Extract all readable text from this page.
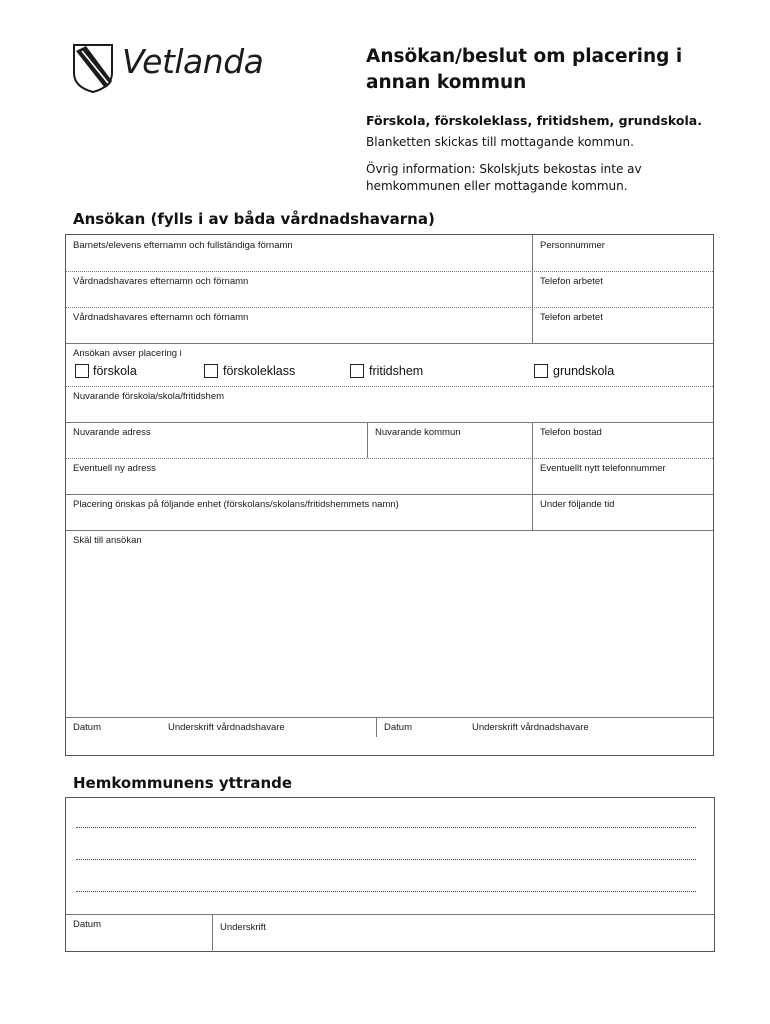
Vetlanda	Ansökan/beslut om placering i annan kommun
Förskola, förskoleklass, fritidshem, grundskola.
Blanketten skickas till mottagande kommun.
Övrig information: Skolskjuts bekostas inte av hemkommunen eller mottagande kommun.
Ansökan (fylls i av båda vårdnadshavarna)
Barnets/elevens efternamn och fullständiga förnamn	Personnummer
Vårdnadshavares efternamn och förnamn	Telefon arbetet
Vårdnadshavares efternamn och förnamn	Telefon arbetet
Ansökan avser placering i
förskola	förskoleklass	fritidshem	grundskola
Nuvarande förskola/skola/fritidshem
Nuvarande adress	Nuvarande kommun	Telefon bostad
Eventuell ny adress	Eventuellt nytt telefonnummer
Placering önskas på följande enhet (förskolans/skolans/fritidshemmets namn)	Under följande tid
Skäl till ansökan
Datum	Underskrift vårdnadshavare	Datum	Underskrift vårdnadshavare
Hemkommunens yttrande
Datum	Underskrift
